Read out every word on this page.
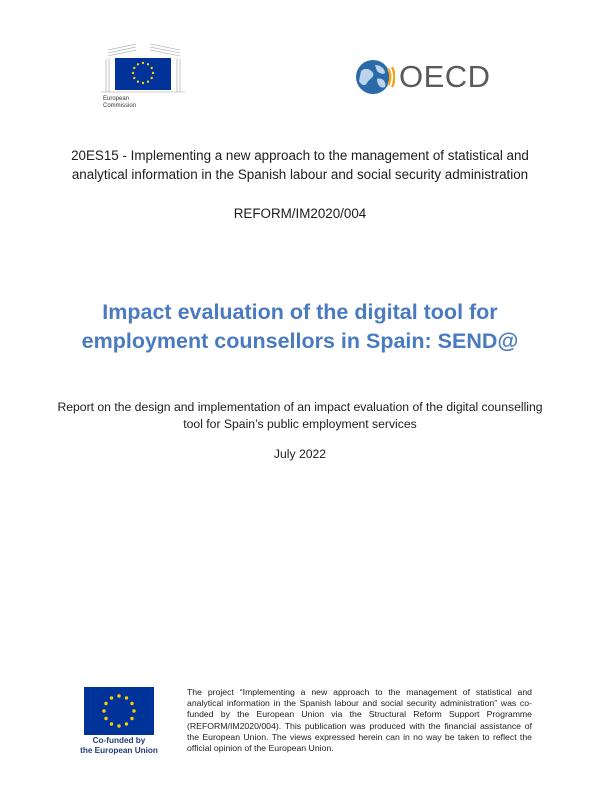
European
Commission
OECD
20ES15 - Implementing a new approach to the management of statistical and
analytical information in the Spanish labour and social security administration
REFORM/IM2020/004
Impact evaluation of the digital tool for
employment counsellors in Spain: SEND@
Report on the design and implementation of an impact evaluation of the digital counselling
tool for Spain’s public employment services
July 2022
Co-funded by
the European Union
The project “Implementing a new approach to the management of statistical and analytical information in the Spanish labour and social security administration” was co-funded by the European Union via the Structural Reform Support Programme (REFORM/IM2020/004). This publication was produced with the financial assistance of the European Union. The views expressed herein can in no way be taken to reflect the official opinion of the European Union.
